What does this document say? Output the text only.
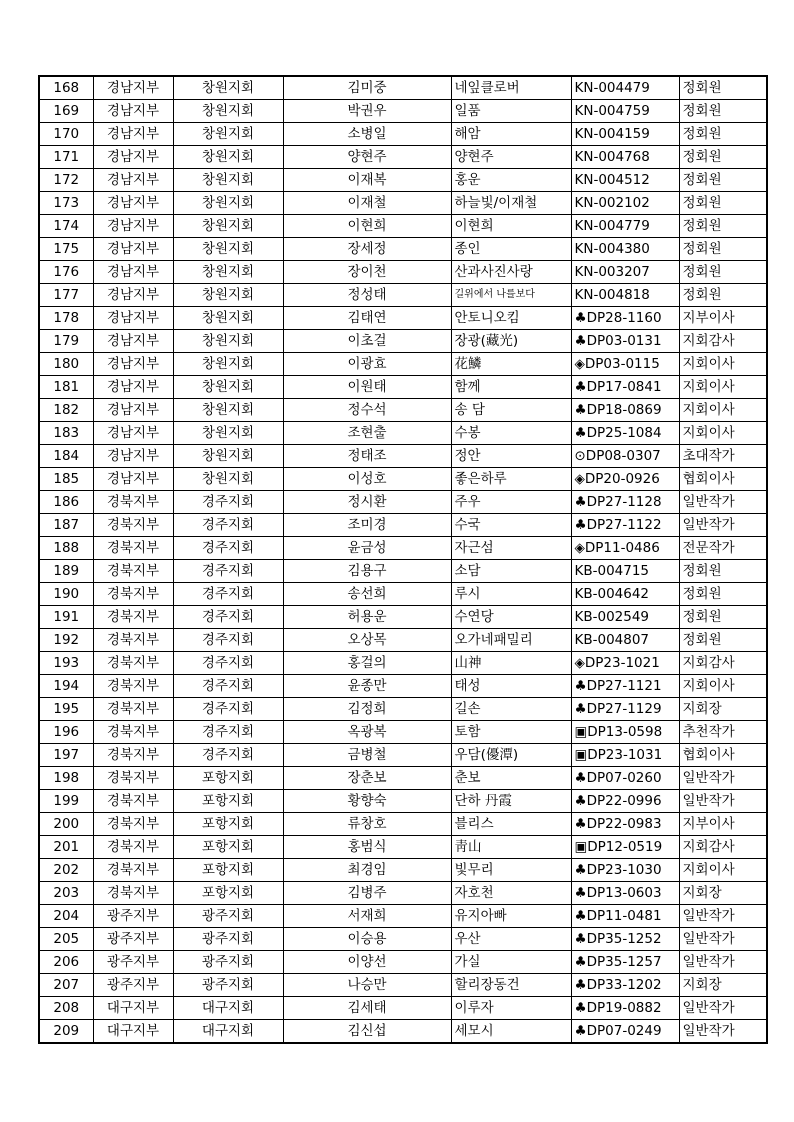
168	경남지부	창원지회	김미중	네잎클로버	KN-004479	정회원
169	경남지부	창원지회	박권우	일품	KN-004759	정회원
170	경남지부	창원지회	소병일	해암	KN-004159	정회원
171	경남지부	창원지회	양현주	양현주	KN-004768	정회원
172	경남지부	창원지회	이재복	홍운	KN-004512	정회원
173	경남지부	창원지회	이재철	하늘빛/이재철	KN-002102	정회원
174	경남지부	창원지회	이현희	이현희	KN-004779	정회원
175	경남지부	창원지회	장세정	종인	KN-004380	정회원
176	경남지부	창원지회	장이천	산과사진사랑	KN-003207	정회원
177	경남지부	창원지회	정성태	길위에서 나를보다	KN-004818	정회원
178	경남지부	창원지회	김태연	안토니오킴	♣DP28-1160	지부이사
179	경남지부	창원지회	이초걸	장광(藏光)	♣DP03-0131	지회감사
180	경남지부	창원지회	이광효	花鱗	◈DP03-0115	지회이사
181	경남지부	창원지회	이원태	함께	♣DP17-0841	지회이사
182	경남지부	창원지회	정수석	송 담	♣DP18-0869	지회이사
183	경남지부	창원지회	조현출	수봉	♣DP25-1084	지회이사
184	경남지부	창원지회	정태조	정안	⊙DP08-0307	초대작가
185	경남지부	창원지회	이성호	좋은하루	◈DP20-0926	협회이사
186	경북지부	경주지회	정시환	주우	♣DP27-1128	일반작가
187	경북지부	경주지회	조미경	수국	♣DP27-1122	일반작가
188	경북지부	경주지회	윤금성	자근섬	◈DP11-0486	전문작가
189	경북지부	경주지회	김용구	소담	KB-004715	정회원
190	경북지부	경주지회	송선희	루시	KB-004642	정회원
191	경북지부	경주지회	허용운	수연당	KB-002549	정회원
192	경북지부	경주지회	오상목	오가네패밀리	KB-004807	정회원
193	경북지부	경주지회	홍걸의	山神	◈DP23-1021	지회감사
194	경북지부	경주지회	윤종만	태성	♣DP27-1121	지회이사
195	경북지부	경주지회	김정희	길손	♣DP27-1129	지회장
196	경북지부	경주지회	옥광복	토함	▣DP13-0598	추천작가
197	경북지부	경주지회	금병철	우담(優潭)	▣DP23-1031	협회이사
198	경북지부	포항지회	장춘보	춘보	♣DP07-0260	일반작가
199	경북지부	포항지회	황향숙	단하 丹霞	♣DP22-0996	일반작가
200	경북지부	포항지회	류창호	블리스	♣DP22-0983	지부이사
201	경북지부	포항지회	홍범식	靑山	▣DP12-0519	지회감사
202	경북지부	포항지회	최경임	빛무리	♣DP23-1030	지회이사
203	경북지부	포항지회	김병주	자호천	♣DP13-0603	지회장
204	광주지부	광주지회	서재희	유지아빠	♣DP11-0481	일반작가
205	광주지부	광주지회	이승용	우산	♣DP35-1252	일반작가
206	광주지부	광주지회	이양선	가실	♣DP35-1257	일반작가
207	광주지부	광주지회	나승만	할리장동건	♣DP33-1202	지회장
208	대구지부	대구지회	김세태	이루자	♣DP19-0882	일반작가
209	대구지부	대구지회	김신섭	세모시	♣DP07-0249	일반작가
